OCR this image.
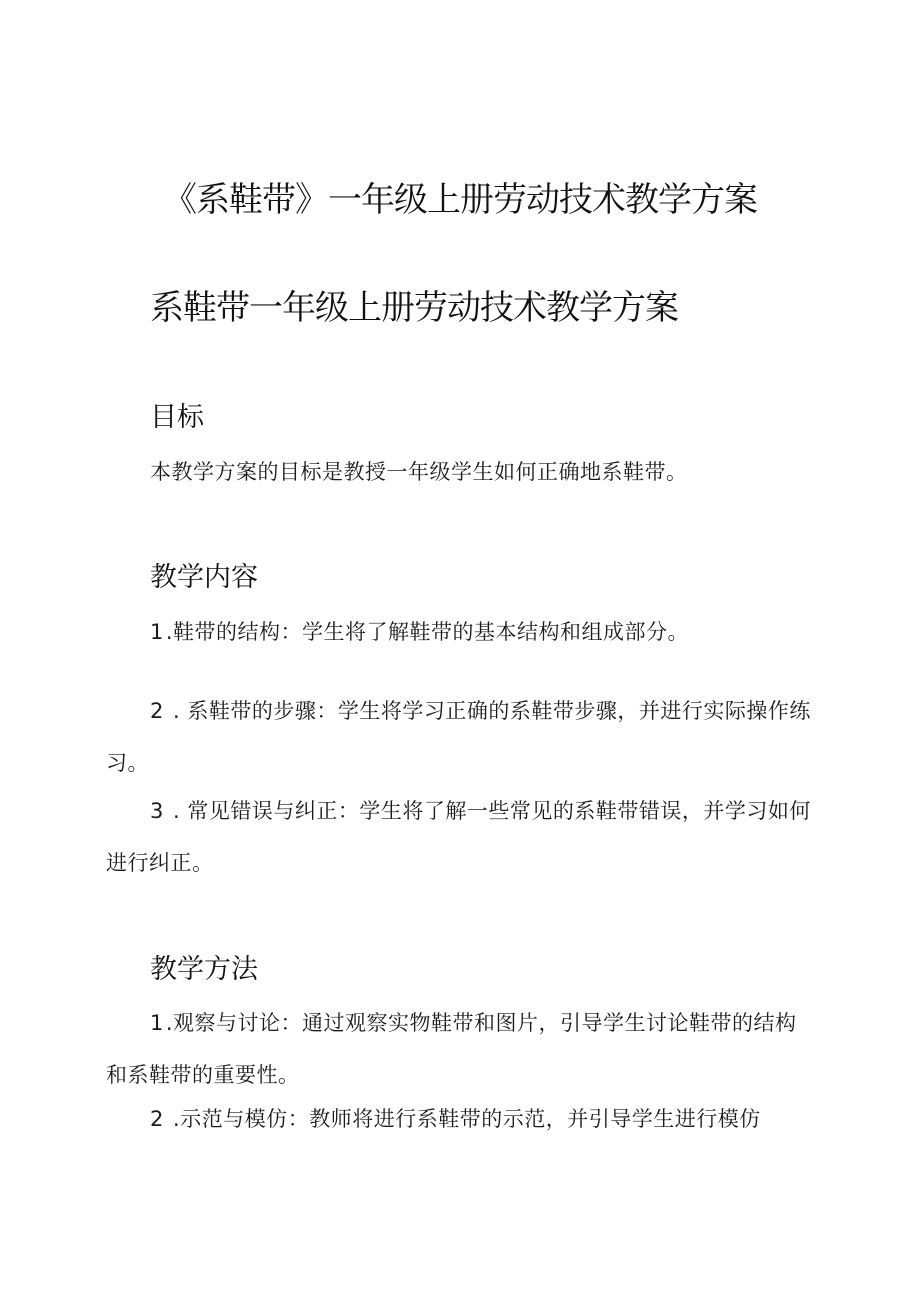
《系鞋带》一年级上册劳动技术教学方案
系鞋带一年级上册劳动技术教学方案
目标

本教学方案的目标是教授一年级学生如何正确地系鞋带。

教学内容

1.鞋带的结构：学生将了解鞋带的基本结构和组成部分。

2 . 系鞋带的步骤：学生将学习正确的系鞋带步骤，并进行实际操作练习。

3 . 常见错误与纠正：学生将了解一些常见的系鞋带错误，并学习如何进行纠正。

教学方法

1.观察与讨论：通过观察实物鞋带和图片，引导学生讨论鞋带的结构和系鞋带的重要性。

2 .示范与模仿：教师将进行系鞋带的示范，并引导学生进行模仿
